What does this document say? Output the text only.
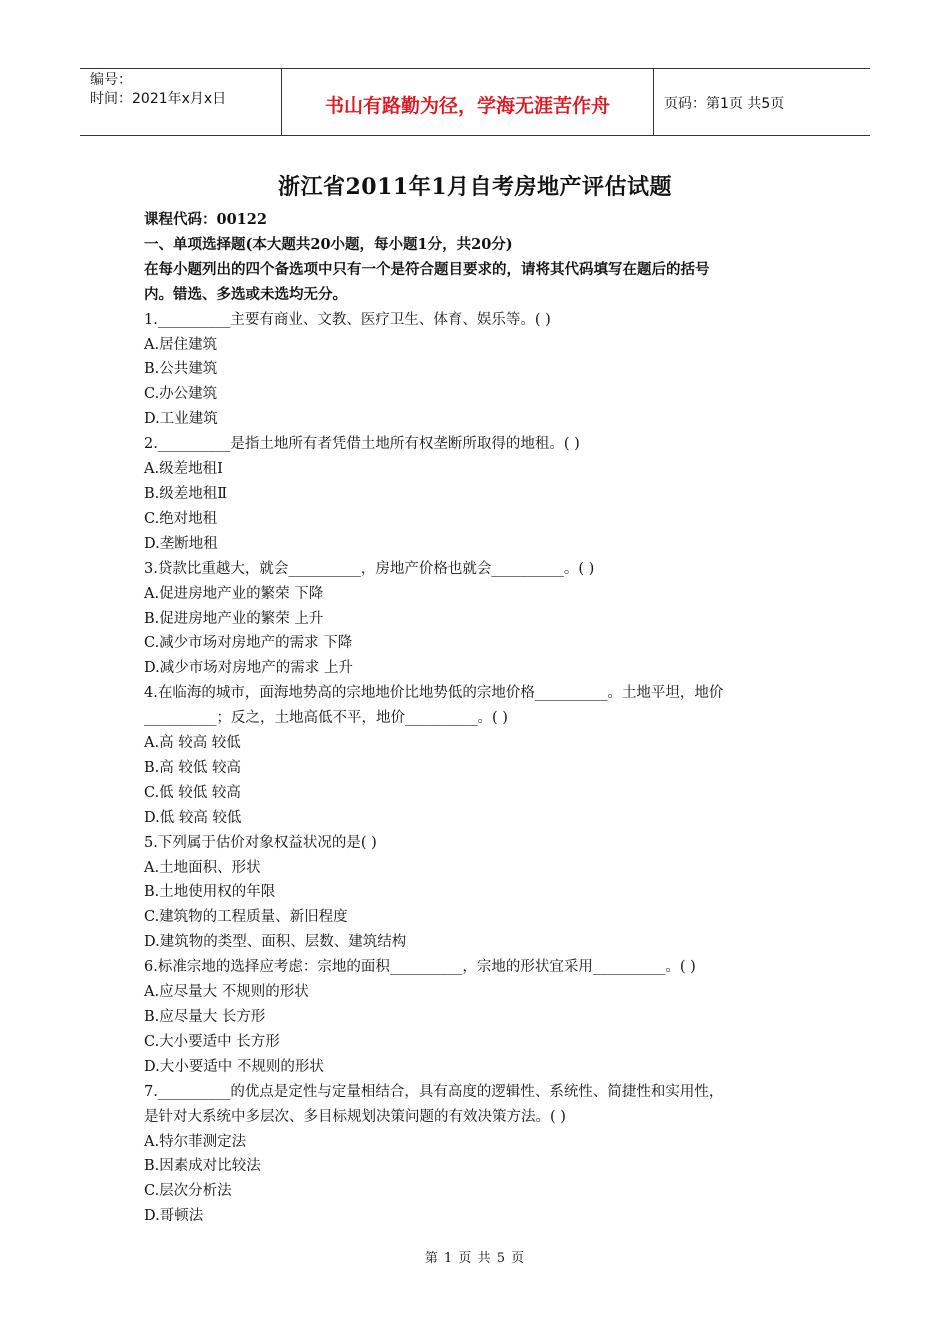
编号：
时间：2021年x月x日	书山有路勤为径，学海无涯苦作舟	页码：第1页 共5页
浙江省2011年1月自考房地产评估试题
课程代码：00122
一、单项选择题(本大题共20小题，每小题1分，共20分)
在每小题列出的四个备选项中只有一个是符合题目要求的，请将其代码填写在题后的括号
内。错选、多选或未选均无分。
1.__________主要有商业、文教、医疗卫生、体育、娱乐等。( )
A.居住建筑
B.公共建筑
C.办公建筑
D.工业建筑
2.__________是指土地所有者凭借土地所有权垄断所取得的地租。( )
A.级差地租Ⅰ
B.级差地租Ⅱ
C.绝对地租
D.垄断地租
3.贷款比重越大，就会__________，房地产价格也就会__________。( )
A.促进房地产业的繁荣 下降
B.促进房地产业的繁荣 上升
C.减少市场对房地产的需求 下降
D.减少市场对房地产的需求 上升
4.在临海的城市，面海地势高的宗地地价比地势低的宗地价格__________。土地平坦，地价
__________；反之，土地高低不平，地价__________。( )
A.高 较高 较低
B.高 较低 较高
C.低 较低 较高
D.低 较高 较低
5.下列属于估价对象权益状况的是( )
A.土地面积、形状
B.土地使用权的年限
C.建筑物的工程质量、新旧程度
D.建筑物的类型、面积、层数、建筑结构
6.标准宗地的选择应考虑：宗地的面积__________，宗地的形状宜采用__________。( )
A.应尽量大 不规则的形状
B.应尽量大 长方形
C.大小要适中 长方形
D.大小要适中 不规则的形状
7.__________的优点是定性与定量相结合，具有高度的逻辑性、系统性、简捷性和实用性，
是针对大系统中多层次、多目标规划决策问题的有效决策方法。( )
A.特尔菲测定法
B.因素成对比较法
C.层次分析法
D.哥顿法
第 1 页 共 5 页
